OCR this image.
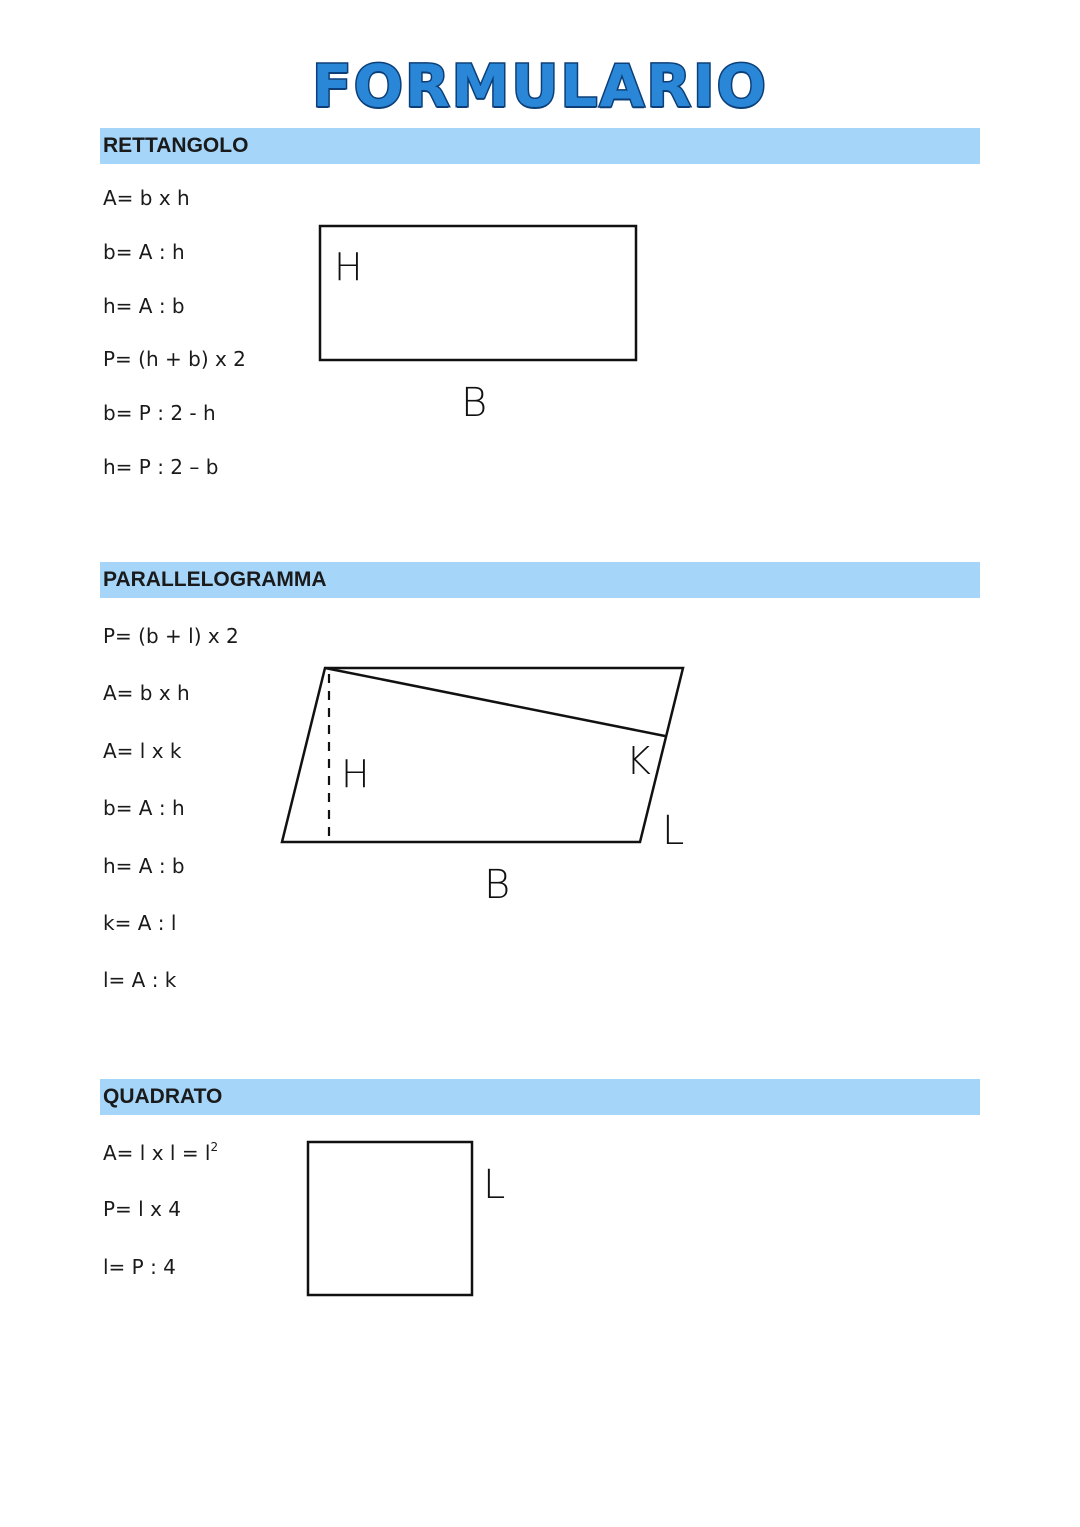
FORMULARIO
RETTANGOLO
A= b x h
b= A : h
h= A : b
P= (h + b) x 2
b= P : 2 - h
h= P : 2 – b
H
B
H	K
L
B
L
PARALLELOGRAMMA
P= (b + l) x 2
A= b x h
A= l x k
b= A : h
h= A : b
k= A : l
l= A : k
QUADRATO
A= l x $l = l^2$
P= l x 4
l= P : 4
